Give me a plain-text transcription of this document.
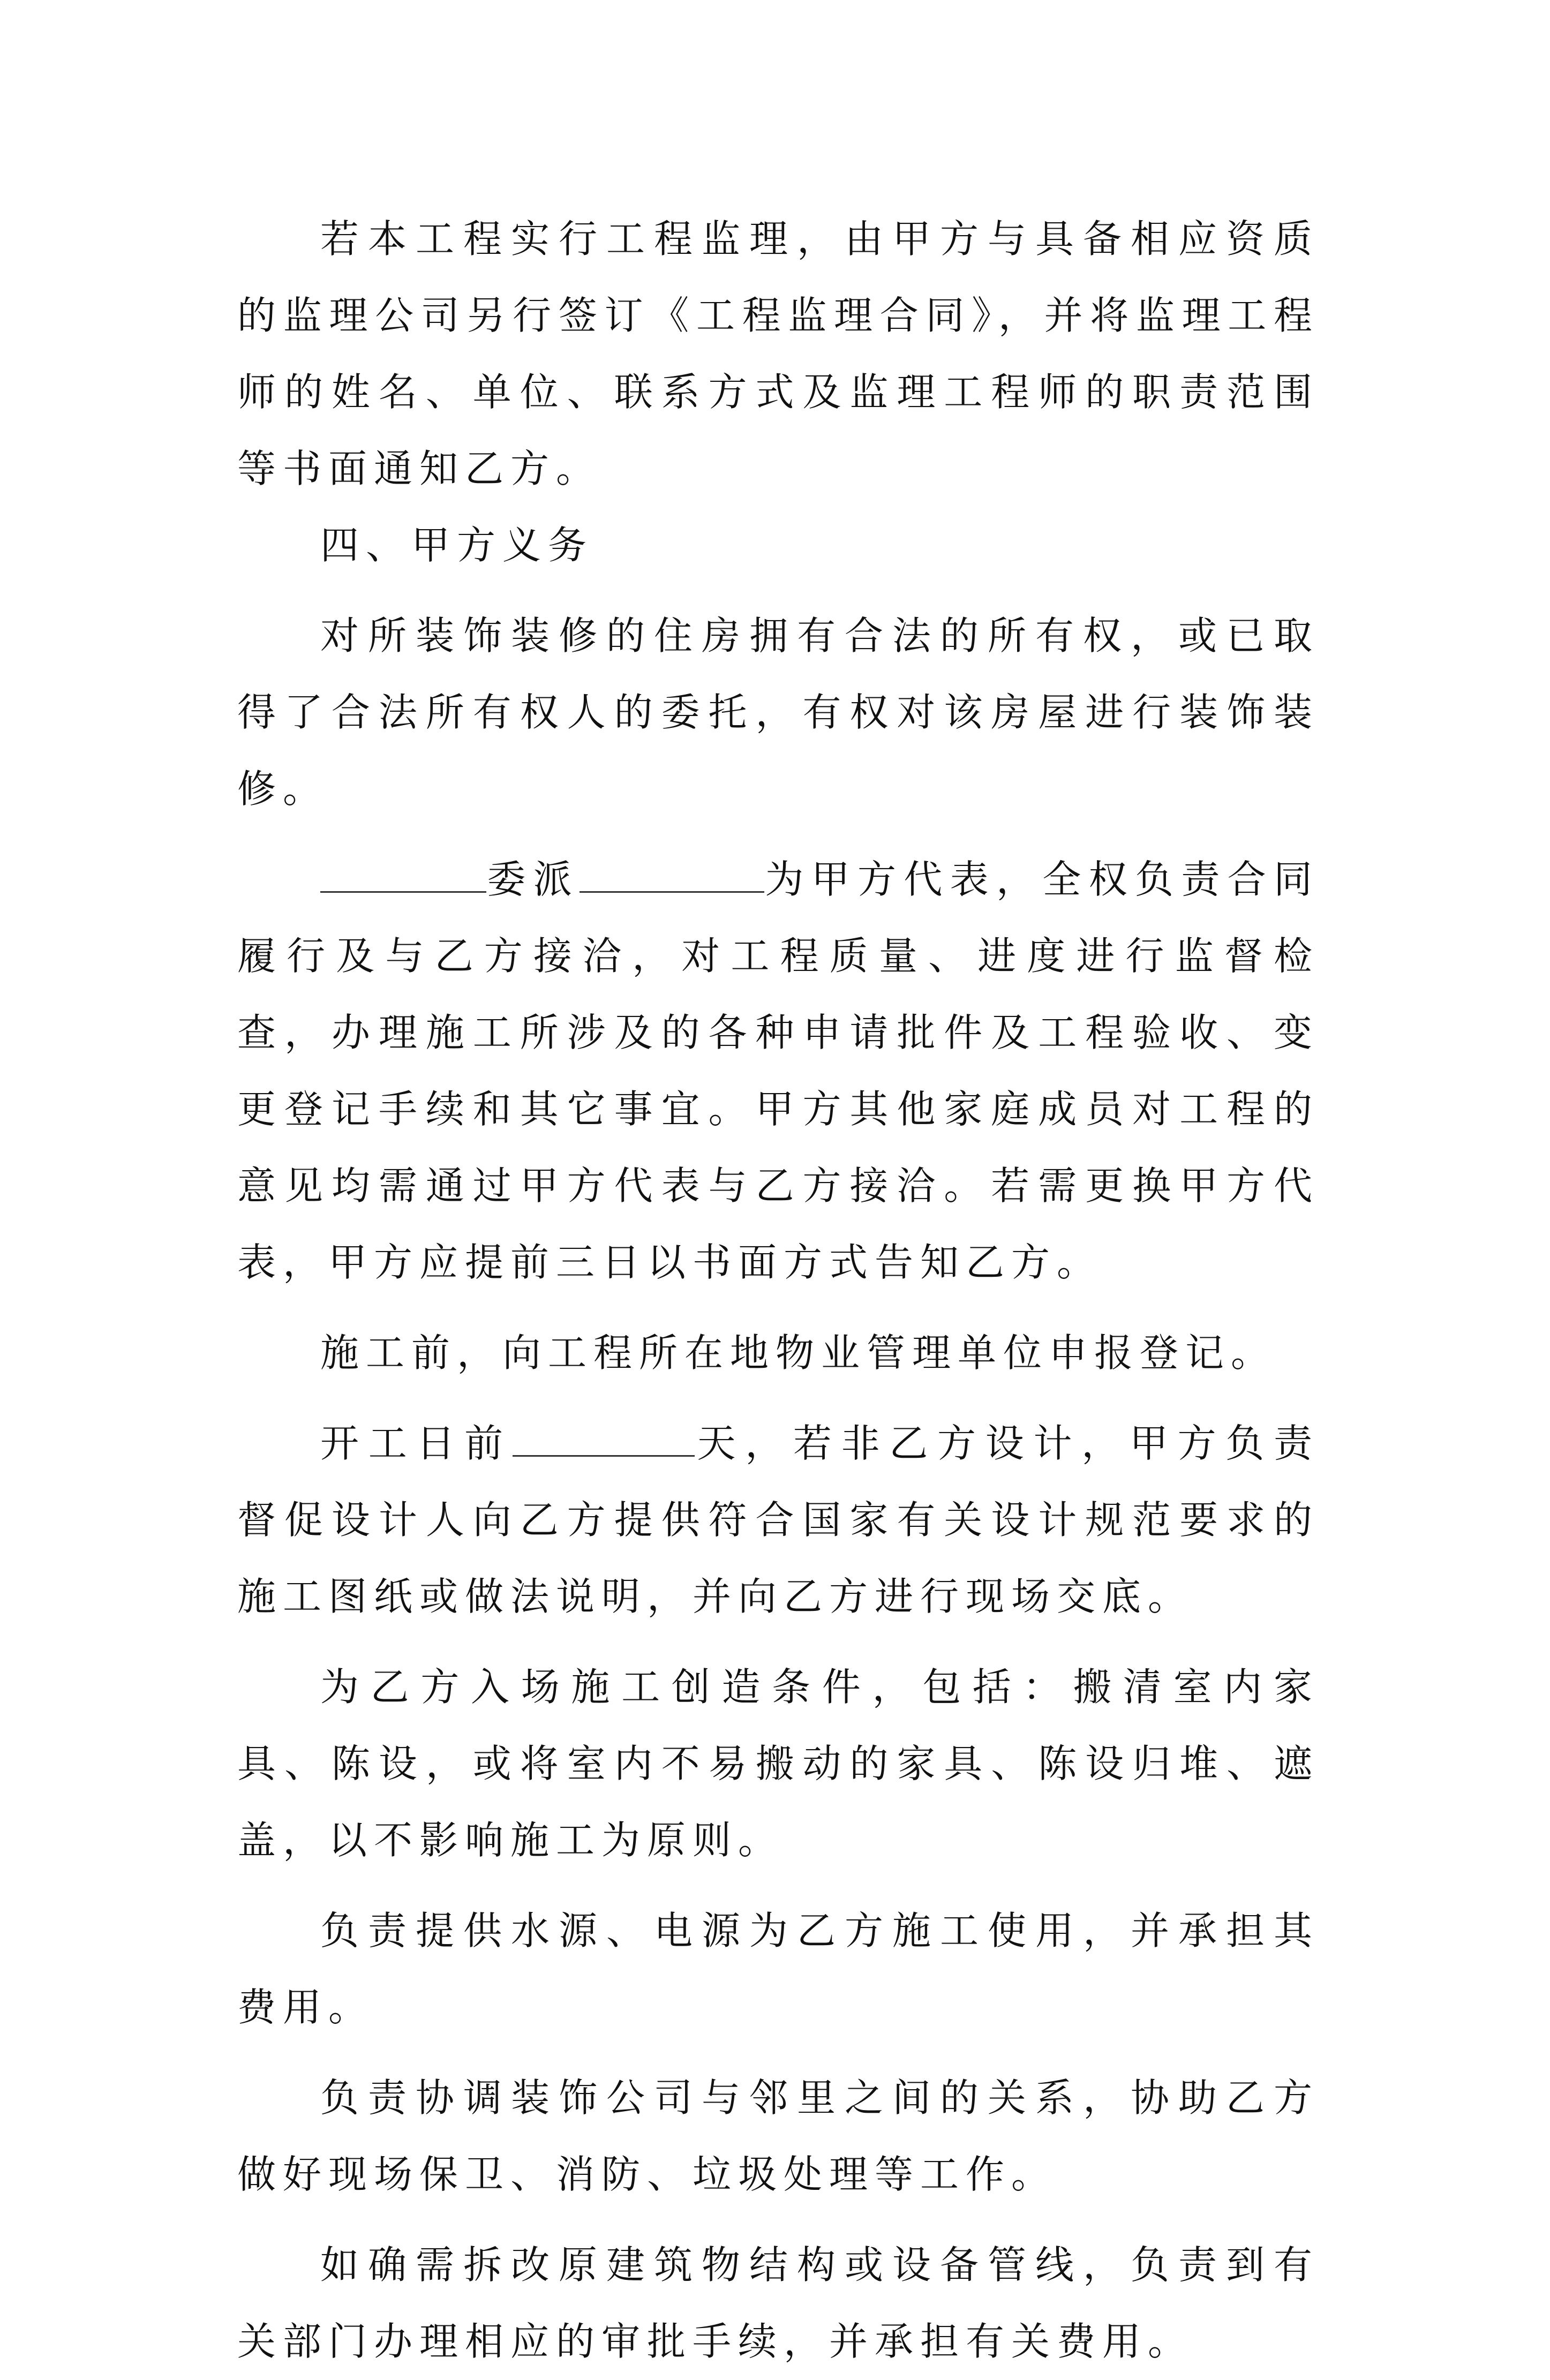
若本工程实行工程监理，由甲方与具备相应资质的监理公司另行签订《工程监理合同》，并将监理工程师的姓名、单位、联系方式及监理工程师的职责范围等书面通知乙方。

四、甲方义务

对所装饰装修的住房拥有合法的所有权，或已取得了合法所有权人的委托，有权对该房屋进行装饰装修。

委派	为甲方代表，全权负责合同履行及与乙方接洽，对工程质量、进度进行监督检查，办理施工所涉及的各种申请批件及工程验收、变更登记手续和其它事宜。甲方其他家庭成员对工程的意见均需通过甲方代表与乙方接洽。若需更换甲方代表，甲方应提前三日以书面方式告知乙方。

施工前，向工程所在地物业管理单位申报登记。

开工日前	天，若非乙方设计，甲方负责督促设计人向乙方提供符合国家有关设计规范要求的施工图纸或做法说明，并向乙方进行现场交底。

为乙方入场施工创造条件，包括：搬清室内家具、陈设，或将室内不易搬动的家具、陈设归堆、遮盖，以不影响施工为原则。

负责提供水源、电源为乙方施工使用，并承担其费用。

负责协调装饰公司与邻里之间的关系，协助乙方做好现场保卫、消防、垃圾处理等工作。

如确需拆改原建筑物结构或设备管线，负责到有关部门办理相应的审批手续，并承担有关费用。
